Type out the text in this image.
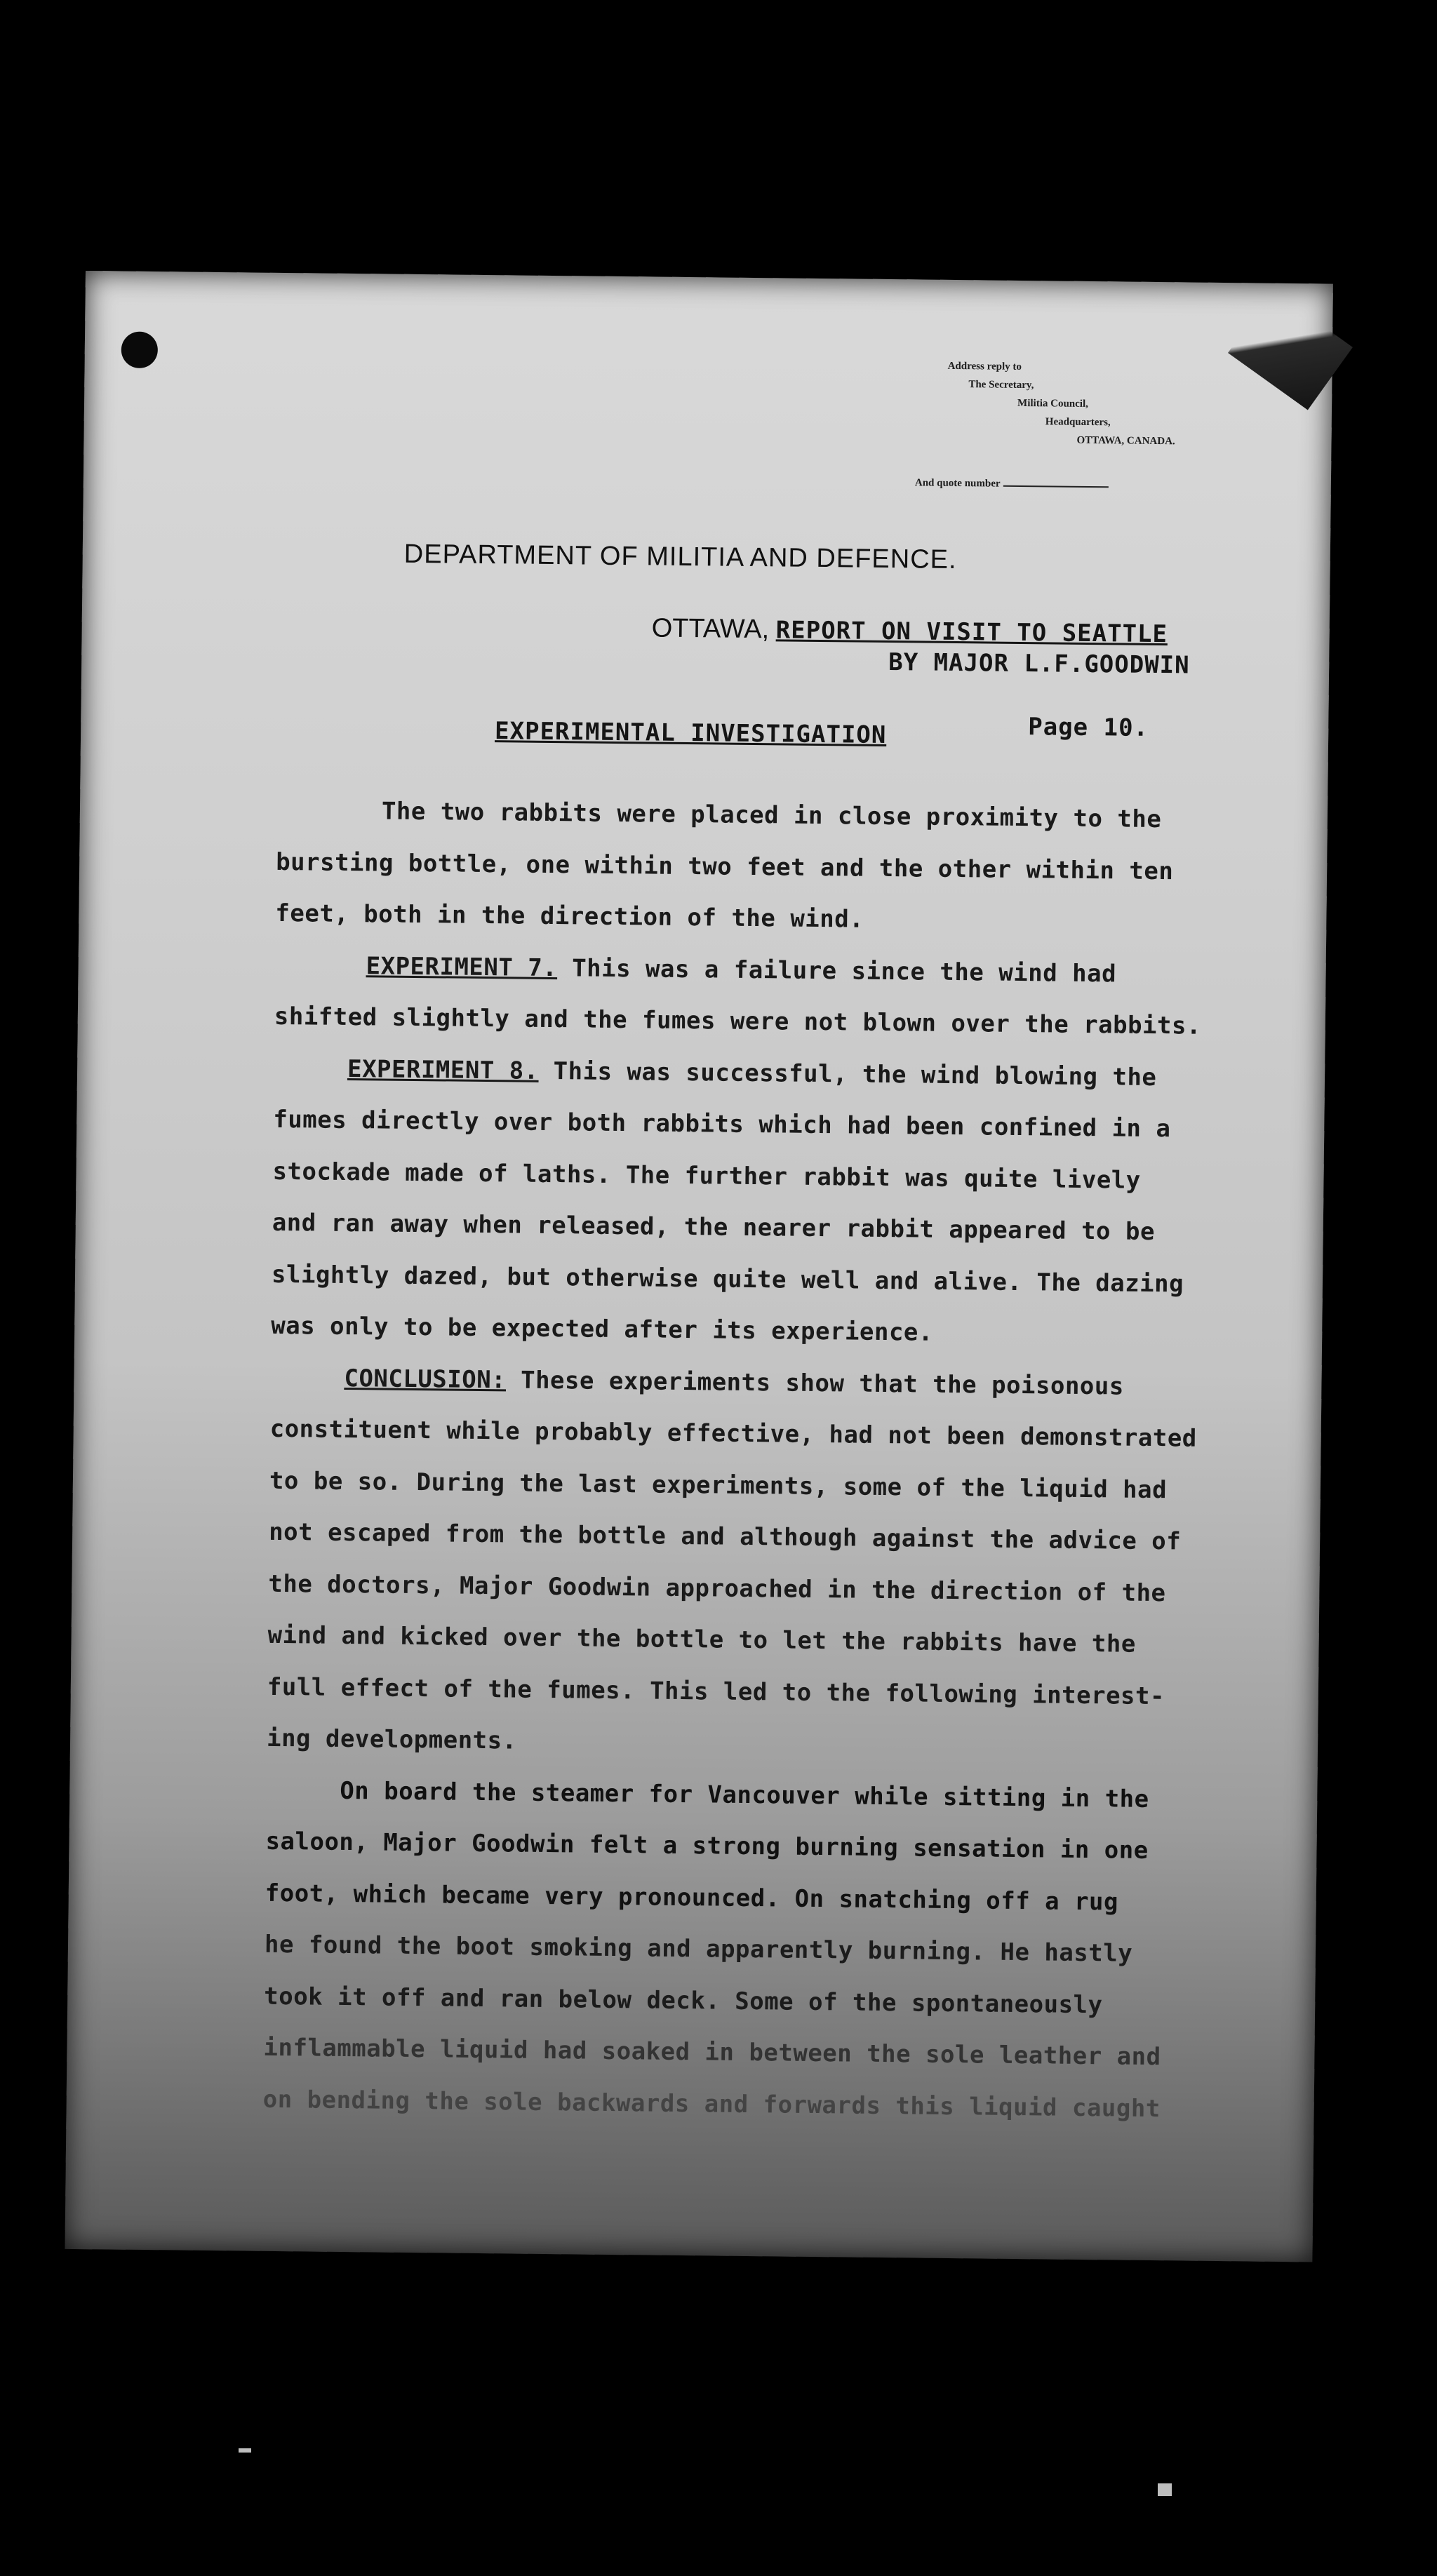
Address reply to
The Secretary,
Militia Council,
Headquarters,
OTTAWA, CANADA.
And quote number
DEPARTMENT OF MILITIA AND DEFENCE.
OTTAWA, REPORT ON VISIT TO SEATTLE
BY MAJOR L.F.GOODWIN
EXPERIMENTAL INVESTIGATION	Page 10.
The two rabbits were placed in close proximity to the
bursting bottle, one within two feet and the other within ten
feet, both in the direction of the wind.
EXPERIMENT 7. This was a failure since the wind had
shifted slightly and the fumes were not blown over the rabbits.
EXPERIMENT 8. This was successful, the wind blowing the
fumes directly over both rabbits which had been confined in a
stockade made of laths. The further rabbit was quite lively
and ran away when released, the nearer rabbit appeared to be
slightly dazed, but otherwise quite well and alive. The dazing
was only to be expected after its experience.
CONCLUSION: These experiments show that the poisonous
constituent while probably effective, had not been demonstrated
to be so. During the last experiments, some of the liquid had
not escaped from the bottle and although against the advice of
the doctors, Major Goodwin approached in the direction of the
wind and kicked over the bottle to let the rabbits have the
full effect of the fumes. This led to the following interest-
ing developments.
On board the steamer for Vancouver while sitting in the
saloon, Major Goodwin felt a strong burning sensation in one
foot, which became very pronounced. On snatching off a rug
he found the boot smoking and apparently burning. He hastly
took it off and ran below deck. Some of the spontaneously
inflammable liquid had soaked in between the sole leather and
on bending the sole backwards and forwards this liquid caught
